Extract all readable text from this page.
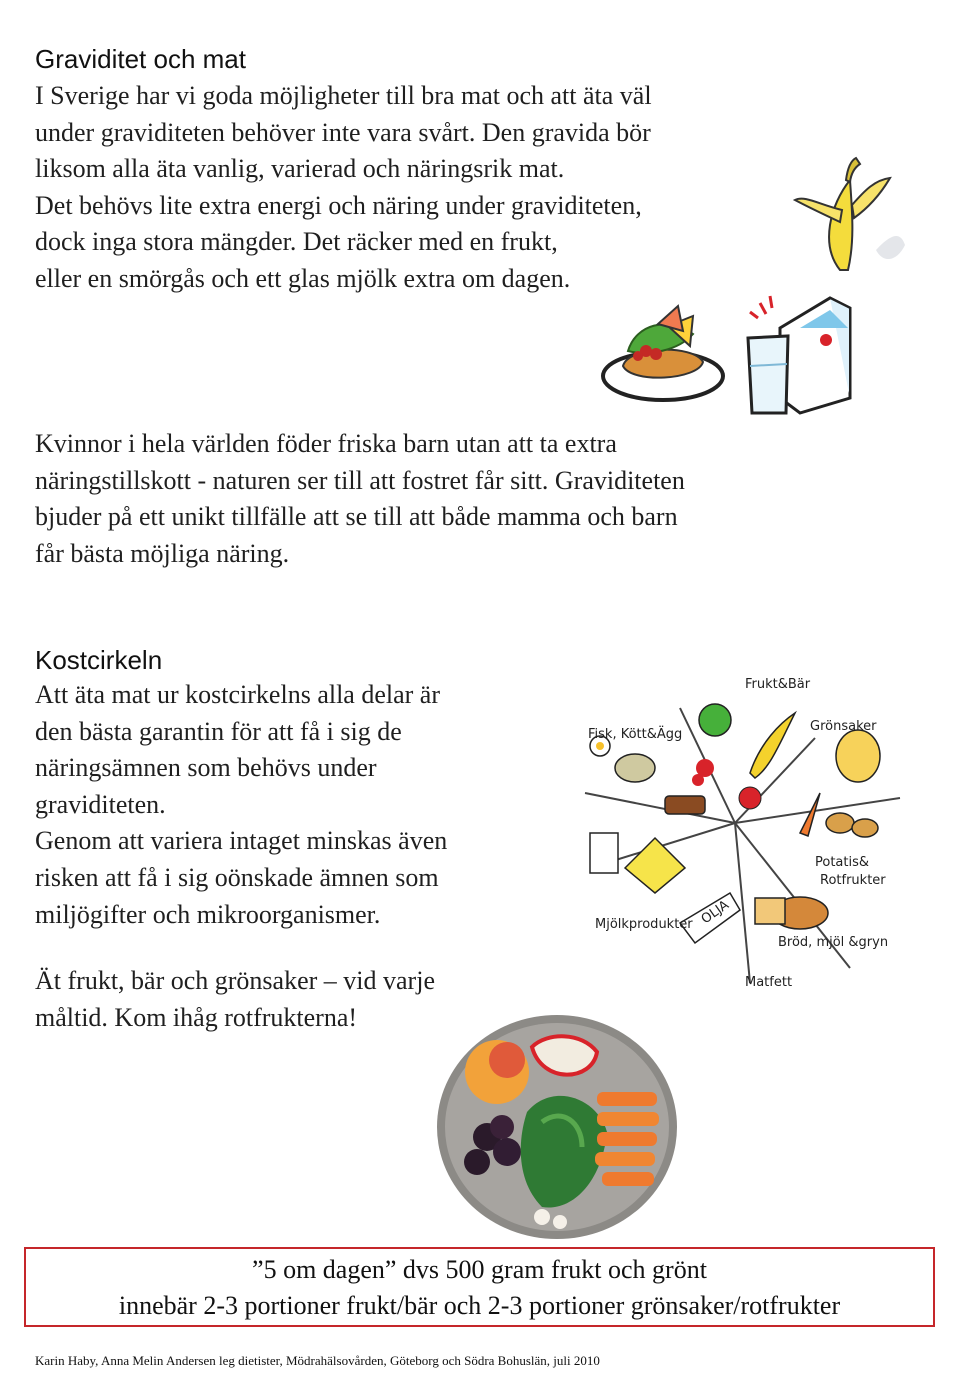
Graviditet och mat
I Sverige har vi goda möjligheter till bra mat och att äta väl
under graviditeten behöver inte vara svårt. Den gravida bör
liksom alla äta vanlig, varierad och näringsrik mat.
Det behövs lite extra energi och näring under graviditeten,
dock inga stora mängder. Det räcker med en frukt,
eller en smörgås och ett glas mjölk extra om dagen.
Kvinnor i hela världen föder friska barn utan att ta extra
näringstillskott - naturen ser till att fostret får sitt. Graviditeten
bjuder på ett unikt tillfälle att se till att både mamma och barn
får bästa möjliga näring.
Kostcirkeln
Att äta mat ur kostcirkelns alla delar är
den bästa garantin för att få i sig de
näringsämnen som behövs under
graviditeten.
Genom att variera intaget minskas även
risken att få i sig oönskade ämnen som
miljögifter och mikroorganismer.
Ät frukt, bär och grönsaker – vid varje
måltid. Kom ihåg rotfrukterna!
OLJA
Frukt&Bär
Grönsaker
Fisk, Kött&Ägg
Potatis&
Rotfrukter
Mjölkprodukter
Bröd, mjöl &gryn
Matfett
”5 om dagen” dvs 500 gram frukt och grönt
innebär 2-3 portioner frukt/bär och 2-3 portioner grönsaker/rotfrukter
Karin Haby, Anna Melin Andersen leg dietister, Mödrahälsovården, Göteborg och Södra Bohuslän, juli 2010
